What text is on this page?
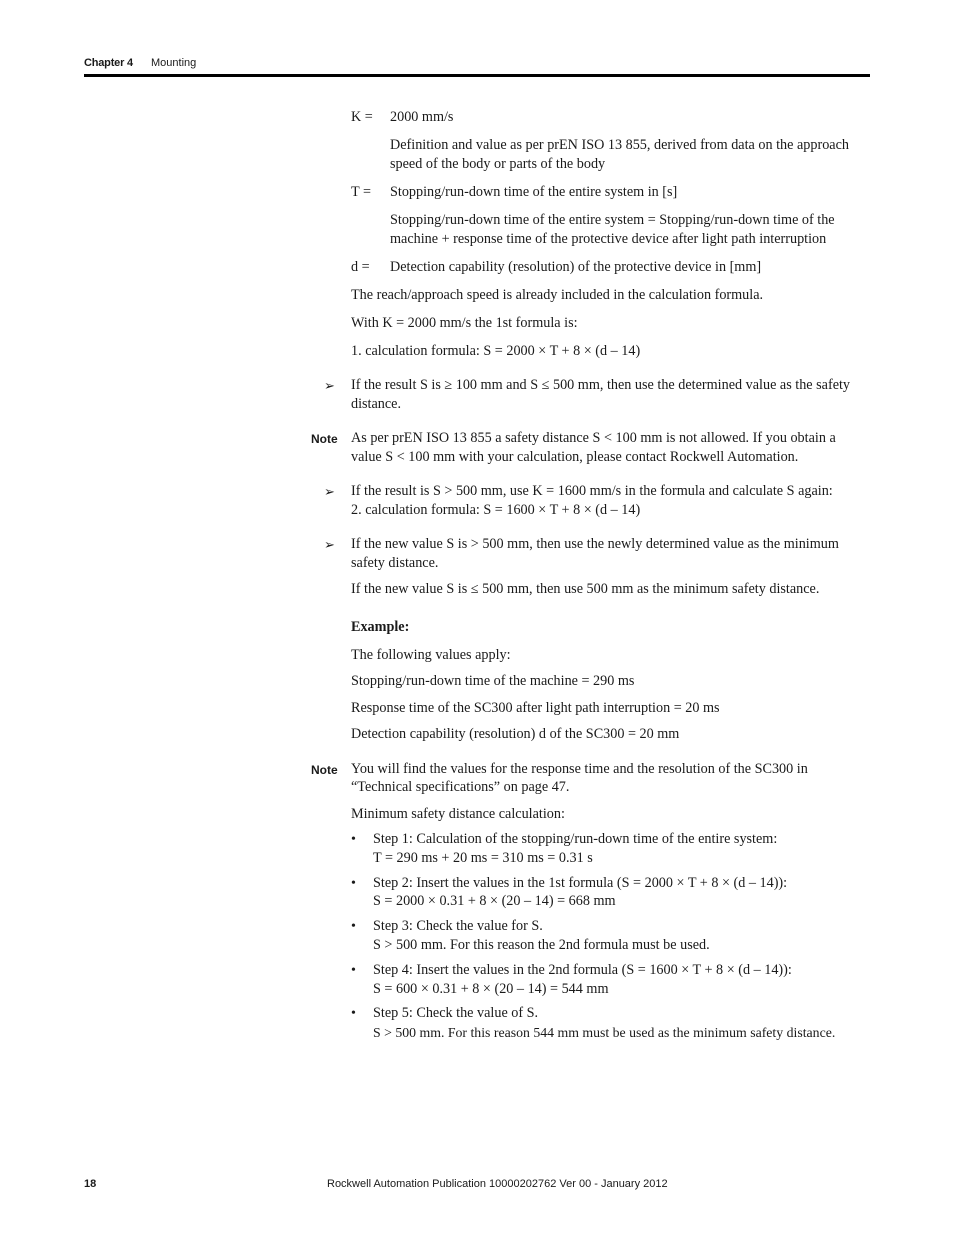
Chapter 4 Mounting
K = 2000 mm/s
Definition and value as per prEN ISO 13 855, derived from data on the approach
speed of the body or parts of the body
T = Stopping/run-down time of the entire system in [s]
Stopping/run-down time of the entire system = Stopping/run-down time of the
machine + response time of the protective device after light path interruption
d = Detection capability (resolution) of the protective device in [mm]
The reach/approach speed is already included in the calculation formula.
With K = 2000 mm/s the 1st formula is:
1. calculation formula: S = 2000 × T + 8 × (d – 14)
➢ If the result S is ≥ 100 mm and S ≤ 500 mm, then use the determined value as the safety
distance.
Note As per prEN ISO 13 855 a safety distance S < 100 mm is not allowed. If you obtain a
value S < 100 mm with your calculation, please contact Rockwell Automation.
➢ If the result is S > 500 mm, use K = 1600 mm/s in the formula and calculate S again:
2. calculation formula: S = 1600 × T + 8 × (d – 14)
➢ If the new value S is > 500 mm, then use the newly determined value as the minimum
safety distance.
If the new value S is ≤ 500 mm, then use 500 mm as the minimum safety distance.
Example:
The following values apply:
Stopping/run-down time of the machine = 290 ms
Response time of the SC300 after light path interruption = 20 ms
Detection capability (resolution) d of the SC300 = 20 mm
Note You will find the values for the response time and the resolution of the SC300 in
“Technical specifications” on page 47.
Minimum safety distance calculation:
• Step 1: Calculation of the stopping/run-down time of the entire system:
T = 290 ms + 20 ms = 310 ms = 0.31 s
• Step 2: Insert the values in the 1st formula (S = 2000 × T + 8 × (d – 14)):
S = 2000 × 0.31 + 8 × (20 – 14) = 668 mm
• Step 3: Check the value for S.
S > 500 mm. For this reason the 2nd formula must be used.
• Step 4: Insert the values in the 2nd formula (S = 1600 × T + 8 × (d – 14)):
S = 600 × 0.31 + 8 × (20 – 14) = 544 mm
• Step 5: Check the value of S.
S > 500 mm. For this reason 544 mm must be used as the minimum safety distance.
18	Rockwell Automation Publication 10000202762 Ver 00 - January 2012
